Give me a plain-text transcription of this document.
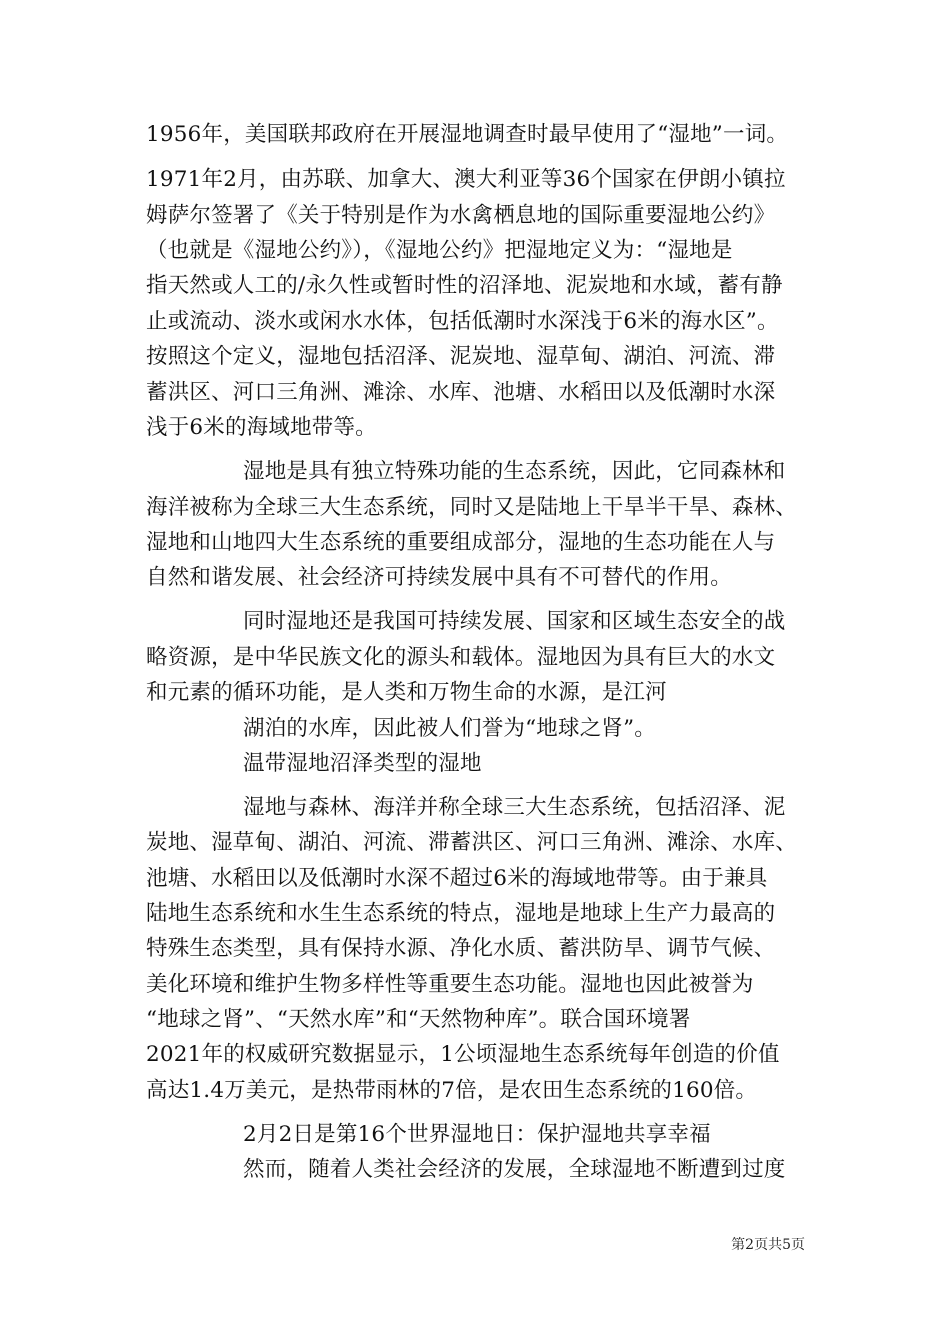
1956年，美国联邦政府在开展湿地调查时最早使用了“湿地”一词。
1971年2月，由苏联、加拿大、澳大利亚等36个国家在伊朗小镇拉
姆萨尔签署了《关于特别是作为水禽栖息地的国际重要湿地公约》
（也就是《湿地公约》），《湿地公约》把湿地定义为：“湿地是
指天然或人工的/永久性或暂时性的沼泽地、泥炭地和水域，蓄有静
止或流动、淡水或闲水水体，包括低潮时水深浅于6米的海水区”。
按照这个定义，湿地包括沼泽、泥炭地、湿草甸、湖泊、河流、滞
蓄洪区、河口三角洲、滩涂、水库、池塘、水稻田以及低潮时水深
浅于6米的海域地带等。
湿地是具有独立特殊功能的生态系统，因此，它同森林和
海洋被称为全球三大生态系统，同时又是陆地上干旱半干旱、森林、
湿地和山地四大生态系统的重要组成部分，湿地的生态功能在人与
自然和谐发展、社会经济可持续发展中具有不可替代的作用。
同时湿地还是我国可持续发展、国家和区域生态安全的战
略资源，是中华民族文化的源头和载体。湿地因为具有巨大的水文
和元素的循环功能，是人类和万物生命的水源，是江河
湖泊的水库，因此被人们誉为“地球之肾”。
温带湿地沼泽类型的湿地
湿地与森林、海洋并称全球三大生态系统，包括沼泽、泥
炭地、湿草甸、湖泊、河流、滞蓄洪区、河口三角洲、滩涂、水库、
池塘、水稻田以及低潮时水深不超过6米的海域地带等。由于兼具
陆地生态系统和水生生态系统的特点，湿地是地球上生产力最高的
特殊生态类型，具有保持水源、净化水质、蓄洪防旱、调节气候、
美化环境和维护生物多样性等重要生态功能。湿地也因此被誉为
“地球之肾”、“天然水库”和“天然物种库”。联合国环境署
2021年的权威研究数据显示，1公顷湿地生态系统每年创造的价值
高达1.4万美元，是热带雨林的7倍，是农田生态系统的160倍。
2月2日是第16个世界湿地日：保护湿地共享幸福
然而，随着人类社会经济的发展，全球湿地不断遭到过度
第2页共5页
